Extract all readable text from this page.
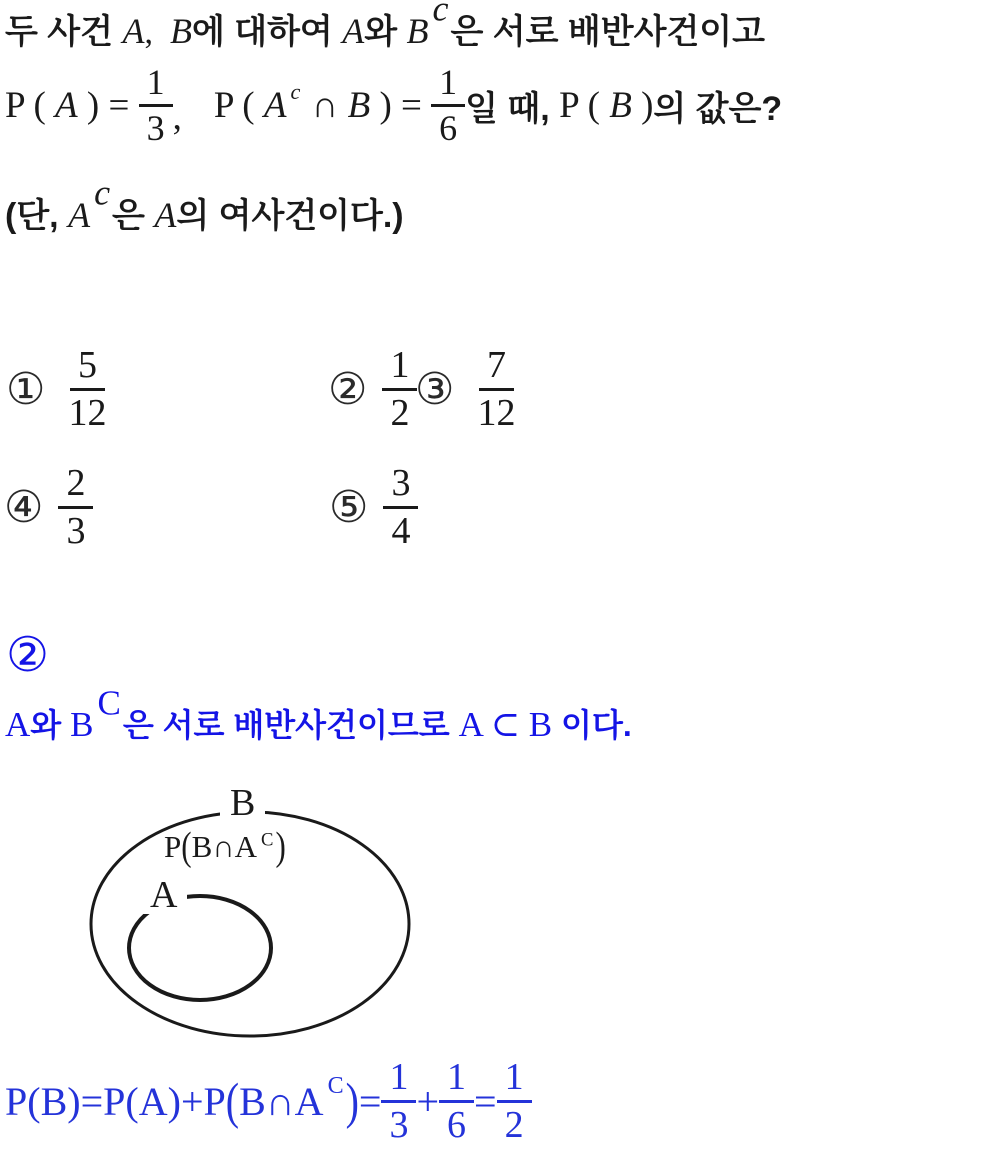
두 사건 A,  B에 대하여 A와 Bc은 서로 배반사건이고
P ( A ) = $\frac{1}{3}$ , P ( A c ∩ B ) = $\frac{1}{6}$ 일 때, P ( B ) 의 값은?
(단, Ac은 A의 여사건이다.)
① $\frac{5}{12}$	② $\frac{1}{2}$
③ $\frac{7}{12}$
④ $\frac{2}{3}$	⑤ $\frac{3}{4}$
②
A와 BC은 서로 배반사건이므로 A ⊂ B 이다.
B
A
P(B∩A C)
P( B )= P( A )+ P ( B ∩ A C ) = $\frac{1}{3} + \frac{1}{6} = \frac{1}{2}$
